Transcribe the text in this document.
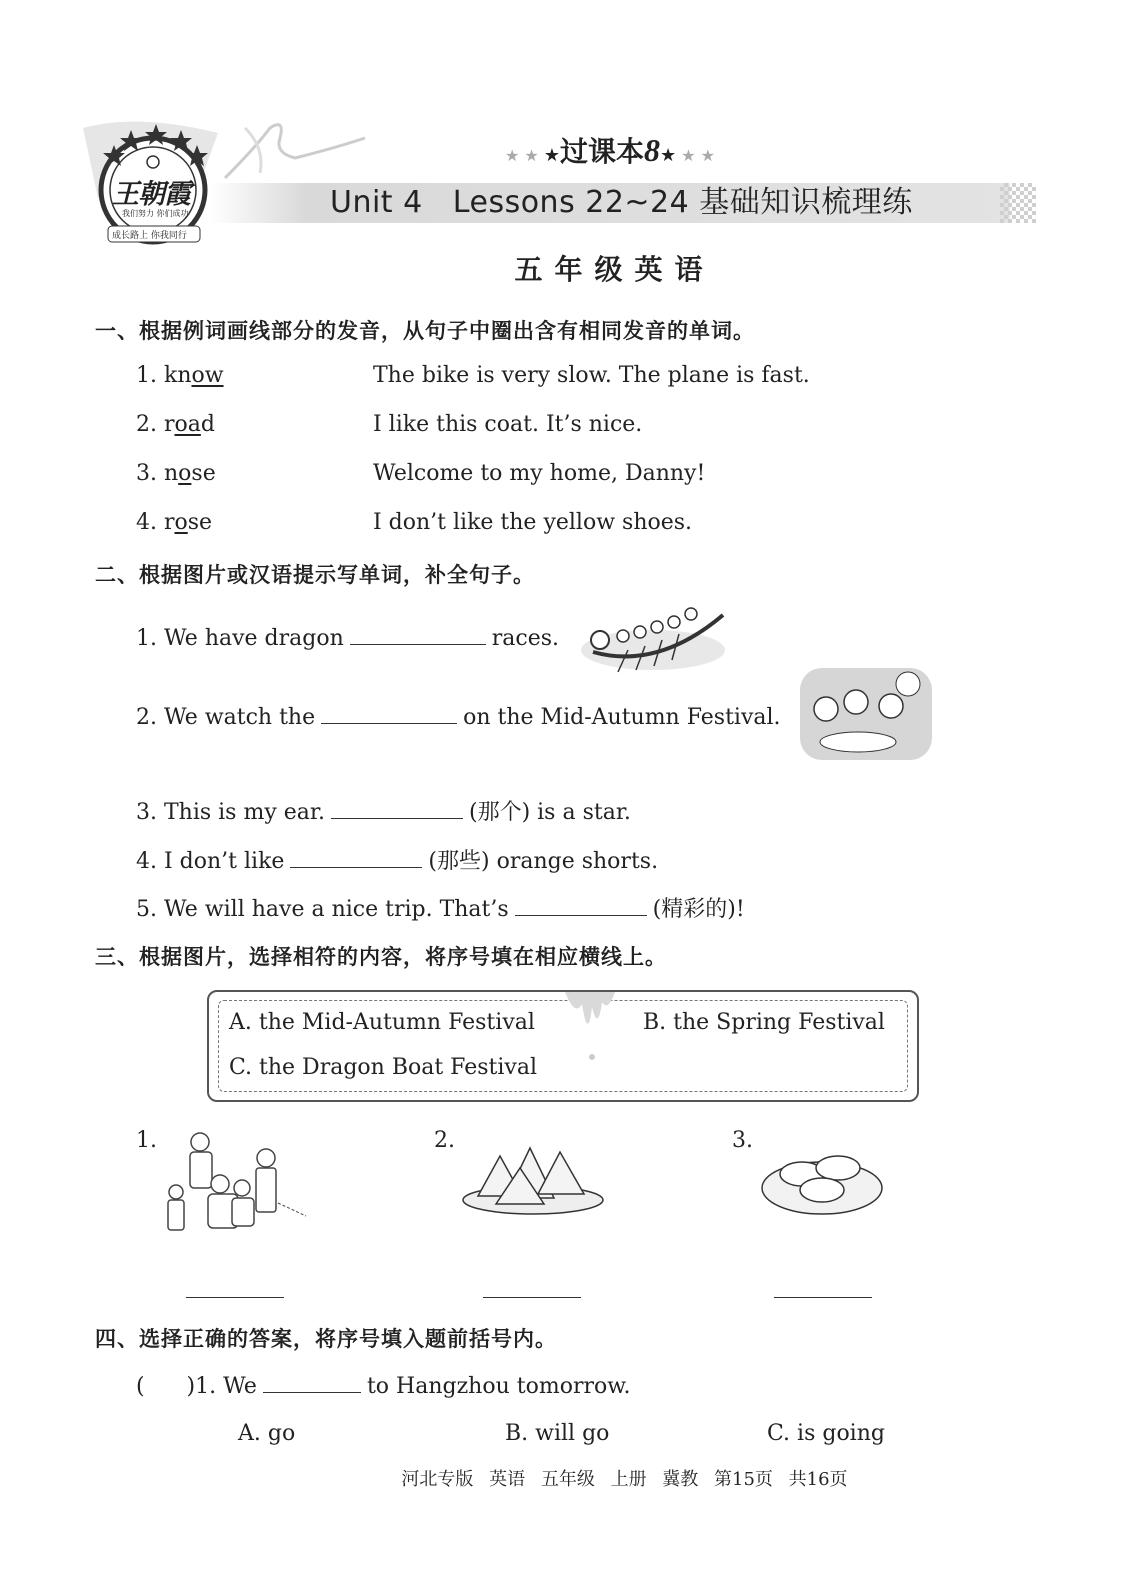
王朝霞
我们努力 你们成功
成长路上 你我同行
★ ★ ★过课本8★ ★ ★
Unit 4   Lessons 22~24 基础知识梳理练
五年级英语
一、根据例词画线部分的发音，从句子中圈出含有相同发音的单词。
1. know	The bike is very slow. The plane is fast.
2. road	I like this coat. It’s nice.
3. nose	Welcome to my home, Danny!
4. rose	I don’t like the yellow shoes.
二、根据图片或汉语提示写单词，补全句子。
1. We have dragon	races.
2. We watch the	on the Mid-Autumn Festival.
3. This is my ear.	(那个) is a star.
4. I don’t like	(那些) orange shorts.
5. We will have a nice trip. That’s	(精彩的)!
三、根据图片，选择相符的内容，将序号填在相应横线上。
A. the Mid-Autumn Festival	B. the Spring Festival
C. the Dragon Boat Festival
1.	2.	3.
四、选择正确的答案，将序号填入题前括号内。
(      )1. We	to Hangzhou tomorrow.
A. go	B. will go	C. is going
河北专版 英语 五年级 上册 冀教 第15页 共16页
